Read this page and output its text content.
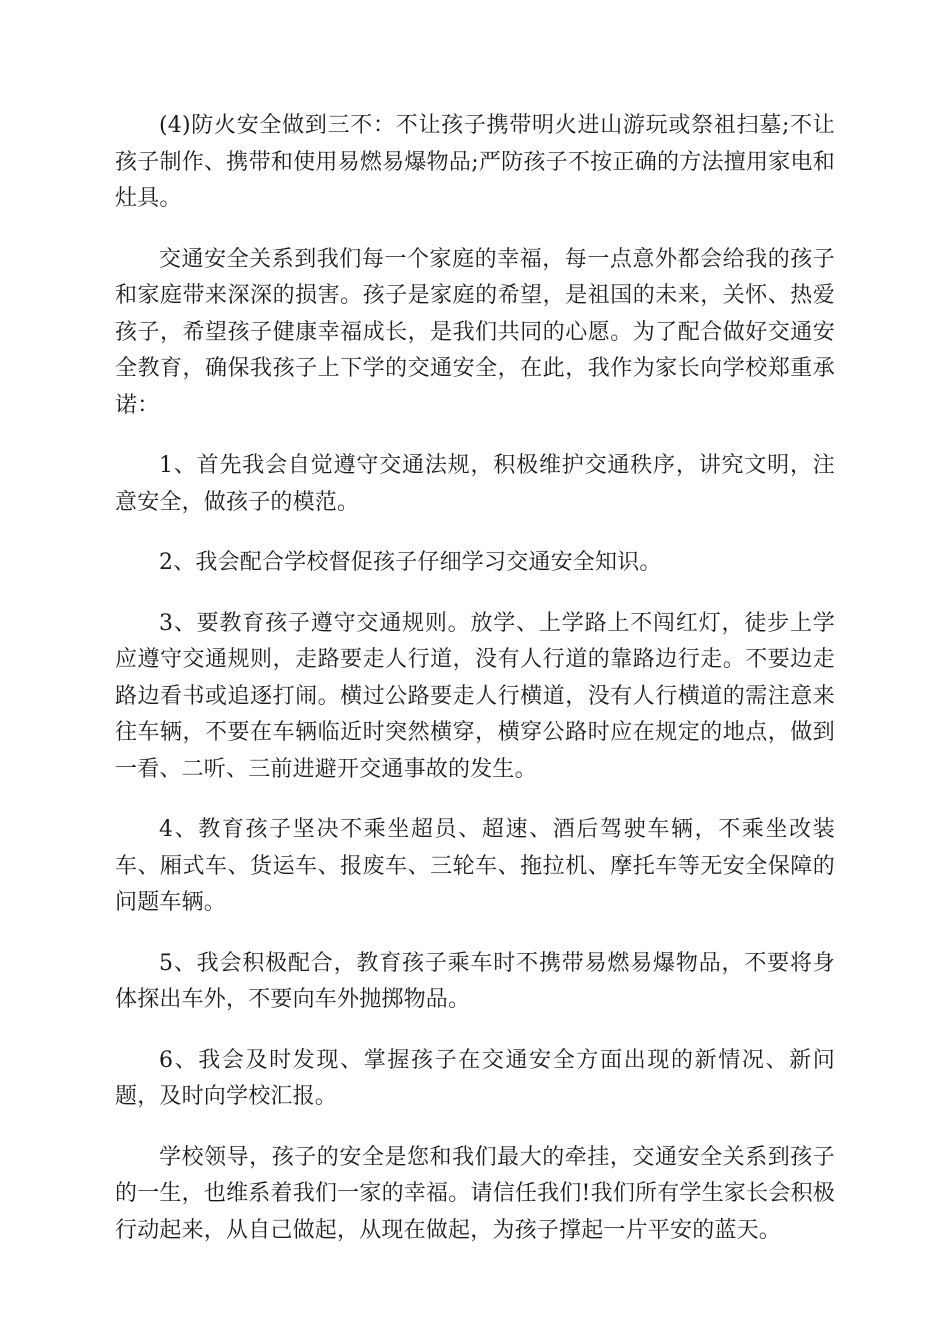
(4)防火安全做到三不：不让孩子携带明火进山游玩或祭祖扫墓;不让孩子制作、携带和使用易燃易爆物品;严防孩子不按正确的方法擅用家电和灶具。

交通安全关系到我们每一个家庭的幸福，每一点意外都会给我的孩子和家庭带来深深的损害。孩子是家庭的希望，是祖国的未来，关怀、热爱孩子，希望孩子健康幸福成长，是我们共同的心愿。为了配合做好交通安全教育，确保我孩子上下学的交通安全，在此，我作为家长向学校郑重承诺：

1、首先我会自觉遵守交通法规，积极维护交通秩序，讲究文明，注意安全，做孩子的模范。

2、我会配合学校督促孩子仔细学习交通安全知识。

3、要教育孩子遵守交通规则。放学、上学路上不闯红灯，徒步上学应遵守交通规则，走路要走人行道，没有人行道的靠路边行走。不要边走路边看书或追逐打闹。横过公路要走人行横道，没有人行横道的需注意来往车辆，不要在车辆临近时突然横穿，横穿公路时应在规定的地点，做到一看、二听、三前进避开交通事故的发生。

4、教育孩子坚决不乘坐超员、超速、酒后驾驶车辆，不乘坐改装车、厢式车、货运车、报废车、三轮车、拖拉机、摩托车等无安全保障的问题车辆。

5、我会积极配合，教育孩子乘车时不携带易燃易爆物品，不要将身体探出车外，不要向车外抛掷物品。

6、我会及时发现、掌握孩子在交通安全方面出现的新情况、新问题，及时向学校汇报。

学校领导，孩子的安全是您和我们最大的牵挂，交通安全关系到孩子的一生，也维系着我们一家的幸福。请信任我们!我们所有学生家长会积极行动起来，从自己做起，从现在做起，为孩子撑起一片平安的蓝天。
